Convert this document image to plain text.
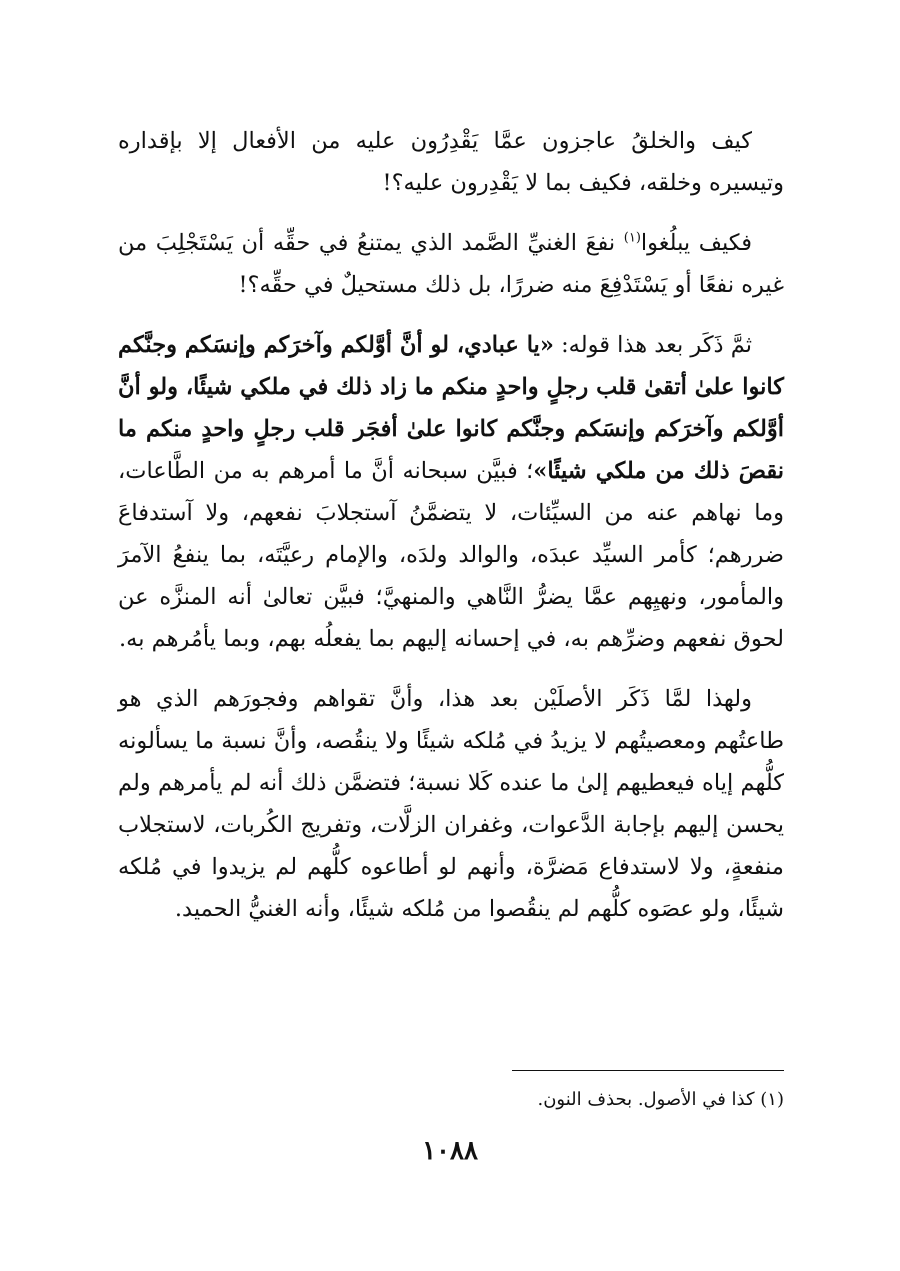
كيف والخلقُ عاجزون عمَّا يَقْدِرُون عليه من الأفعال إلا بإقداره وتيسيره وخلقه، فكيف بما لا يَقْدِرون عليه؟!

فكيف يبلُغوا$^{(١)}$ نفعَ الغنيِّ الصَّمد الذي يمتنعُ في حقِّه أن يَسْتَجْلِبَ من غيره نفعًا أو يَسْتَدْفِعَ منه ضررًا، بل ذلك مستحيلٌ في حقِّه؟!

ثمَّ ذَكَر بعد هذا قوله: «يا عبادي، لو أنَّ أوَّلكم وآخرَكم وإنسَكم وجنَّكم كانوا علىٰ أتقىٰ قلب رجلٍ واحدٍ منكم ما زاد ذلك في ملكي شيئًا، ولو أنَّ أوَّلكم وآخرَكم وإنسَكم وجنَّكم كانوا علىٰ أفجَر قلب رجلٍ واحدٍ منكم ما نقصَ ذلك من ملكي شيئًا»؛ فبيَّن سبحانه أنَّ ما أمرهم به من الطَّاعات، وما نهاهم عنه من السيِّئات، لا يتضمَّنُ آستجلابَ نفعهم، ولا آستدفاعَ ضررهم؛ كأمر السيِّد عبدَه، والوالد ولدَه، والإمام رعيَّتَه، بما ينفعُ الآمرَ والمأمور، ونهيِهم عمَّا يضرُّ النَّاهي والمنهيَّ؛ فبيَّن تعالىٰ أنه المنزَّه عن لحوق نفعهم وضرِّهم به، في إحسانه إليهم بما يفعلُه بهم، وبما يأمُرهم به.

ولهذا لمَّا ذَكَر الأصلَيْن بعد هذا، وأنَّ تقواهم وفجورَهم الذي هو طاعتُهم ومعصيتُهم لا يزيدُ في مُلكه شيئًا ولا ينقُصه، وأنَّ نسبة ما يسألونه كلُّهم إياه فيعطيهم إلىٰ ما عنده كَلا نسبة؛ فتضمَّن ذلك أنه لم يأمرهم ولم يحسن إليهم بإجابة الدَّعوات، وغفران الزلَّات، وتفريج الكُربات، لاستجلاب منفعةٍ، ولا لاستدفاع مَضرَّة، وأنهم لو أطاعوه كلُّهم لم يزيدوا في مُلكه شيئًا، ولو عصَوه كلُّهم لم ينقُصوا من مُلكه شيئًا، وأنه الغنيُّ الحميد.

(١) كذا في الأصول. بحذف النون.
١٠٨٨
